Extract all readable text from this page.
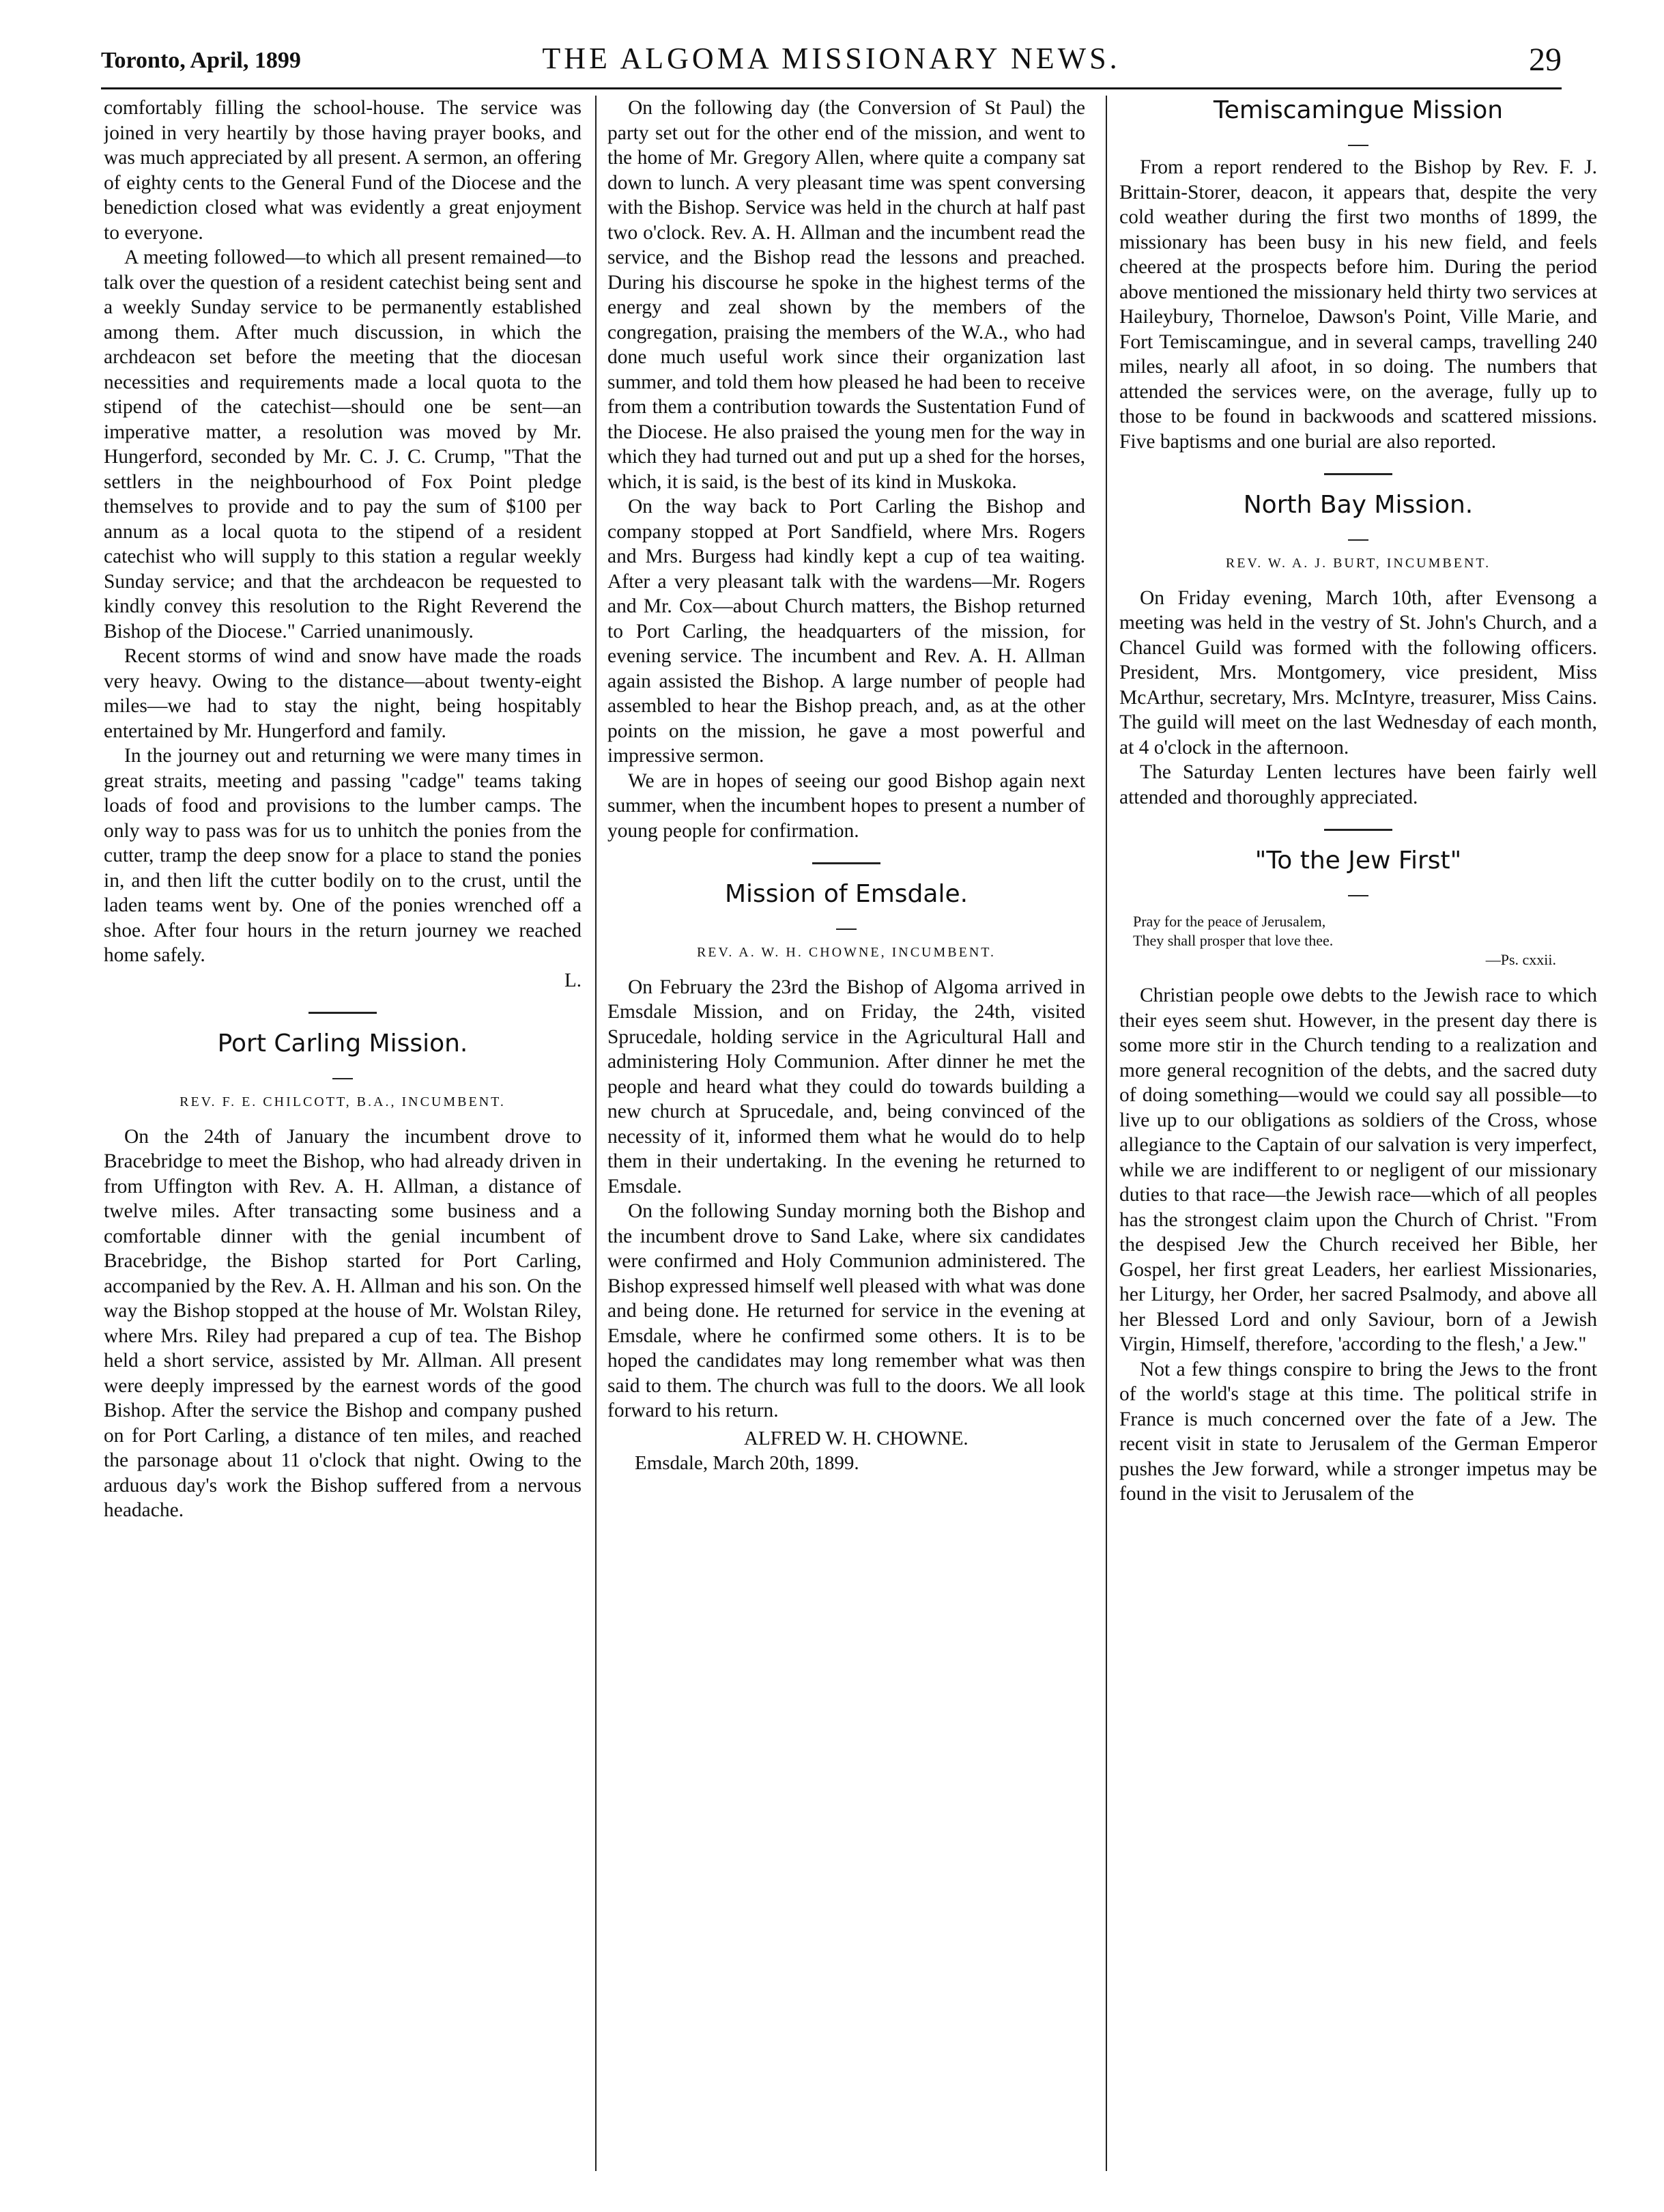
Toronto, April, 1899	THE ALGOMA MISSIONARY NEWS.	29

comfortably filling the school-house. The service was joined in very heartily by those having prayer books, and was much appreciated by all present. A sermon, an offering of eighty cents to the General Fund of the Diocese and the benediction closed what was evidently a great enjoyment to everyone.

A meeting followed—to which all present remained—to talk over the question of a resident catechist being sent and a weekly Sunday service to be permanently established among them. After much discussion, in which the archdeacon set before the meeting that the diocesan necessities and requirements made a local quota to the stipend of the catechist—should one be sent—an imperative matter, a resolution was moved by Mr. Hungerford, seconded by Mr. C. J. C. Crump, "That the settlers in the neighbourhood of Fox Point pledge themselves to provide and to pay the sum of $100 per annum as a local quota to the stipend of a resident catechist who will supply to this station a regular weekly Sunday service; and that the archdeacon be requested to kindly convey this resolution to the Right Reverend the Bishop of the Diocese." Carried unanimously.

Recent storms of wind and snow have made the roads very heavy. Owing to the distance—about twenty-eight miles—we had to stay the night, being hospitably entertained by Mr. Hungerford and family.

In the journey out and returning we were many times in great straits, meeting and passing "cadge" teams taking loads of food and provisions to the lumber camps. The only way to pass was for us to unhitch the ponies from the cutter, tramp the deep snow for a place to stand the ponies in, and then lift the cutter bodily on to the crust, until the laden teams went by. One of the ponies wrenched off a shoe. After four hours in the return journey we reached home safely.

L.
Port Carling Mission.
REV. F. E. CHILCOTT, B.A., INCUMBENT.

On the 24th of January the incumbent drove to Bracebridge to meet the Bishop, who had already driven in from Uffington with Rev. A. H. Allman, a distance of twelve miles. After transacting some business and a comfortable dinner with the genial incumbent of Bracebridge, the Bishop started for Port Carling, accompanied by the Rev. A. H. Allman and his son. On the way the Bishop stopped at the house of Mr. Wolstan Riley, where Mrs. Riley had prepared a cup of tea. The Bishop held a short service, assisted by Mr. Allman. All present were deeply impressed by the earnest words of the good Bishop. After the service the Bishop and company pushed on for Port Carling, a distance of ten miles, and reached the parsonage about 11 o'clock that night. Owing to the arduous day's work the Bishop suffered from a nervous headache.

On the following day (the Conversion of St Paul) the party set out for the other end of the mission, and went to the home of Mr. Gregory Allen, where quite a company sat down to lunch. A very pleasant time was spent conversing with the Bishop. Service was held in the church at half past two o'clock. Rev. A. H. Allman and the incumbent read the service, and the Bishop read the lessons and preached. During his discourse he spoke in the highest terms of the energy and zeal shown by the members of the congregation, praising the members of the W.A., who had done much useful work since their organization last summer, and told them how pleased he had been to receive from them a contribution towards the Sustentation Fund of the Diocese. He also praised the young men for the way in which they had turned out and put up a shed for the horses, which, it is said, is the best of its kind in Muskoka.

On the way back to Port Carling the Bishop and company stopped at Port Sandfield, where Mrs. Rogers and Mrs. Burgess had kindly kept a cup of tea waiting. After a very pleasant talk with the wardens—Mr. Rogers and Mr. Cox—about Church matters, the Bishop returned to Port Carling, the headquarters of the mission, for evening service. The incumbent and Rev. A. H. Allman again assisted the Bishop. A large number of people had assembled to hear the Bishop preach, and, as at the other points on the mission, he gave a most powerful and impressive sermon.

We are in hopes of seeing our good Bishop again next summer, when the incumbent hopes to present a number of young people for confirmation.

Mission of Emsdale.
REV. A. W. H. CHOWNE, INCUMBENT.

On February the 23rd the Bishop of Algoma arrived in Emsdale Mission, and on Friday, the 24th, visited Sprucedale, holding service in the Agricultural Hall and administering Holy Communion. After dinner he met the people and heard what they could do towards building a new church at Sprucedale, and, being convinced of the necessity of it, informed them what he would do to help them in their undertaking. In the evening he returned to Emsdale.

On the following Sunday morning both the Bishop and the incumbent drove to Sand Lake, where six candidates were confirmed and Holy Communion administered. The Bishop expressed himself well pleased with what was done and being done. He returned for service in the evening at Emsdale, where he confirmed some others. It is to be hoped the candidates may long remember what was then said to them. The church was full to the doors. We all look forward to his return.

ALFRED W. H. CHOWNE.
Emsdale, March 20th, 1899.
Temiscamingue Mission

From a report rendered to the Bishop by Rev. F. J. Brittain-Storer, deacon, it appears that, despite the very cold weather during the first two months of 1899, the missionary has been busy in his new field, and feels cheered at the prospects before him. During the period above mentioned the missionary held thirty two services at Haileybury, Thorneloe, Dawson's Point, Ville Marie, and Fort Temiscamingue, and in several camps, travelling 240 miles, nearly all afoot, in so doing. The numbers that attended the services were, on the average, fully up to those to be found in backwoods and scattered missions. Five baptisms and one burial are also reported.

North Bay Mission.
REV. W. A. J. BURT, INCUMBENT.

On Friday evening, March 10th, after Evensong a meeting was held in the vestry of St. John's Church, and a Chancel Guild was formed with the following officers. President, Mrs. Montgomery, vice president, Miss McArthur, secretary, Mrs. McIntyre, treasurer, Miss Cains. The guild will meet on the last Wednesday of each month, at 4 o'clock in the afternoon.

The Saturday Lenten lectures have been fairly well attended and thoroughly appreciated.

"To the Jew First"
Pray for the peace of Jerusalem,
They shall prosper that love thee.
—Ps. cxxii.

Christian people owe debts to the Jewish race to which their eyes seem shut. However, in the present day there is some more stir in the Church tending to a realization and more general recognition of the debts, and the sacred duty of doing something—would we could say all possible—to live up to our obligations as soldiers of the Cross, whose allegiance to the Captain of our salvation is very imperfect, while we are indifferent to or negligent of our missionary duties to that race—the Jewish race—which of all peoples has the strongest claim upon the Church of Christ. "From the despised Jew the Church received her Bible, her Gospel, her first great Leaders, her earliest Missionaries, her Liturgy, her Order, her sacred Psalmody, and above all her Blessed Lord and only Saviour, born of a Jewish Virgin, Himself, therefore, 'according to the flesh,' a Jew."

Not a few things conspire to bring the Jews to the front of the world's stage at this time. The political strife in France is much concerned over the fate of a Jew. The recent visit in state to Jerusalem of the German Emperor pushes the Jew forward, while a stronger impetus may be found in the visit to Jerusalem of the
